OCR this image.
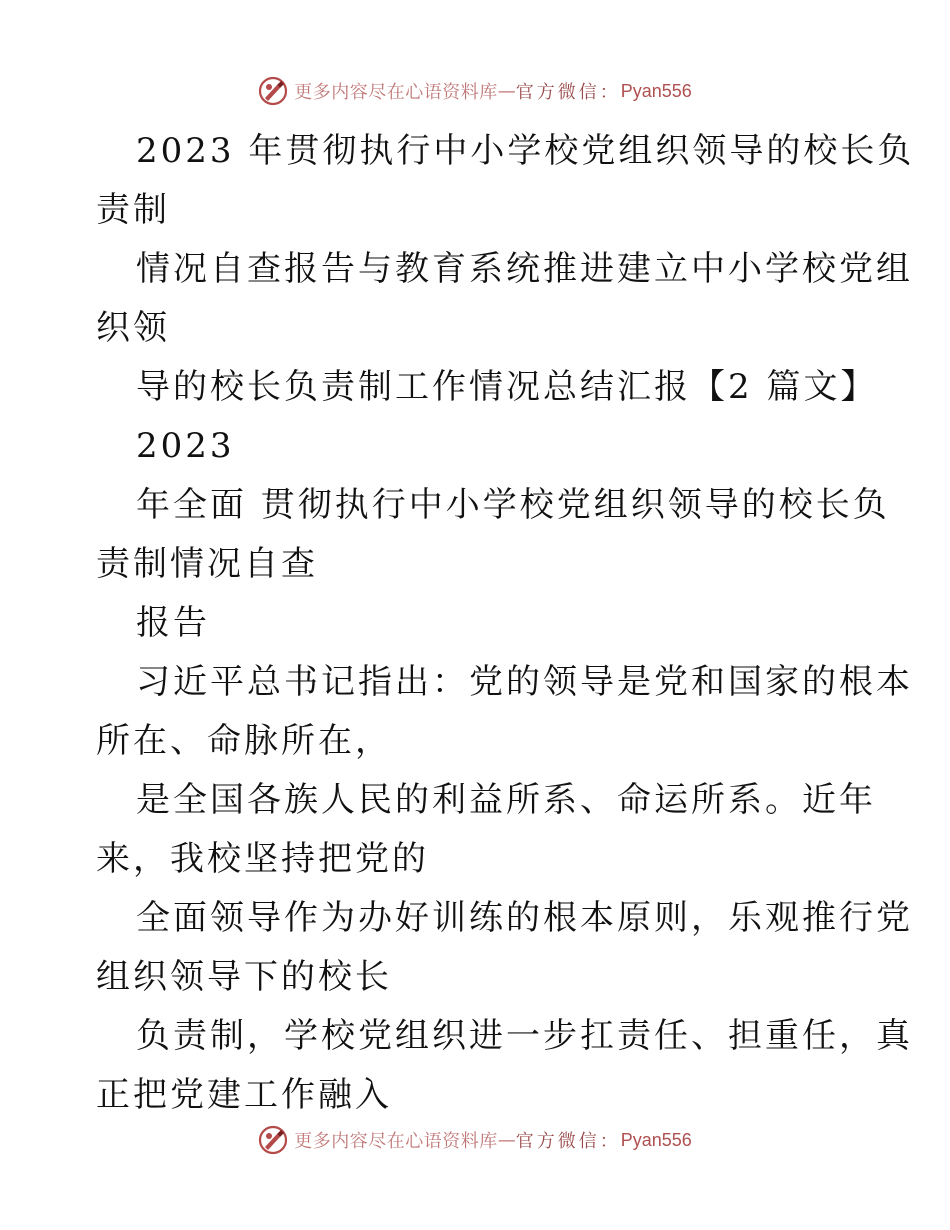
更多内容尽在心语资料库 — 官方微信： Pyan556
2023 年贯彻执行中小学校党组织领导的校长负
责制
情况自查报告与教育系统推进建立中小学校党组
织领
导的校长负责制工作情况总结汇报【2 篇文】
2023
年全面 贯彻执行中小学校党组织领导的校长负
责制情况自查
报告
习近平总书记指出：党的领导是党和国家的根本
所在、命脉所在，
是全国各族人民的利益所系、命运所系。近年
来，我校坚持把党的
全面领导作为办好训练的根本原则，乐观推行党
组织领导下的校长
负责制，学校党组织进一步扛责任、担重任，真
正把党建工作融入
更多内容尽在心语资料库 — 官方微信： Pyan556
